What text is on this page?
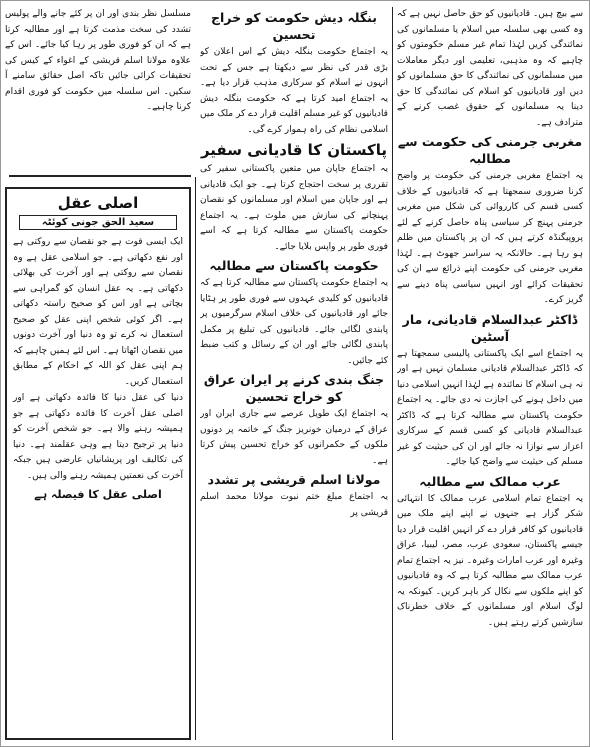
سے بیچ ہیں۔ قادیانیوں کو حق حاصل نہیں ہے کہ وہ کسی بھی سلسلہ میں اسلام یا مسلمانوں کی نمائندگی کریں لہٰذا تمام غیر مسلم حکومتوں کو چاہیے کہ وہ مذہبی، تعلیمی اور دیگر معاملات میں مسلمانوں کی نمائندگی کا حق مسلمانوں کو دیں اور قادیانیوں کو اسلام کی نمائندگی کا حق دینا یہ مسلمانوں کے حقوق غصب کرنے کے مترادف ہے۔

مغربی جرمنی کی حکومت سے مطالبہ

یہ اجتماع مغربی جرمنی کی حکومت پر واضح کرنا ضروری سمجھتا ہے کہ قادیانیوں کے خلاف کسی قسم کی کارروائی کی شکل میں مغربی جرمنی پہنچ کر سیاسی پناہ حاصل کرنے کے لئے پروپیگنڈہ کرتے ہیں کہ ان پر پاکستان میں ظلم ہو رہا ہے۔ حالانکہ یہ سراسر جھوٹ ہے۔ لہٰذا مغربی جرمنی کی حکومت اپنے ذرائع سے ان کی تحقیقات کرائے اور انہیں سیاسی پناہ دینے سے گریز کرے۔

ڈاکٹر عبدالسلام قادیانی، مار آسٹین

یہ اجتماع اسے ایک پاکستانی پالیسی سمجھتا ہے کہ ڈاکٹر عبدالسلام قادیانی مسلمان نہیں ہے اور نہ ہی اسلام کا نمائندہ ہے لہٰذا انہیں اسلامی دنیا میں داخل ہونے کی اجازت نہ دی جائے۔ یہ اجتماع حکومت پاکستان سے مطالبہ کرتا ہے کہ ڈاکٹر عبدالسلام قادیانی کو کسی قسم کے سرکاری اعزاز سے نوازا نہ جائے اور ان کی حیثیت کو غیر مسلم کی حیثیت سے واضح کیا جائے۔

عرب ممالک سے مطالبہ

یہ اجتماع تمام اسلامی عرب ممالک کا انتہائی شکر گزار ہے جنہوں نے اپنے اپنے ملک میں قادیانیوں کو کافر قرار دے کر انہیں اقلیت قرار دیا جیسے پاکستان، سعودی عرب، مصر، لیبیا، عراق وغیرہ اور عرب امارات وغیرہ۔ نیز یہ اجتماع تمام عرب ممالک سے مطالبہ کرتا ہے کہ وہ قادیانیوں کو اپنے ملکوں سے نکال کر باہر کریں۔ کیونکہ یہ لوگ اسلام اور مسلمانوں کے خلاف خطرناک سازشیں کرتے رہتے ہیں۔

بنگلہ دیش حکومت کو خراج تحسین

یہ اجتماع حکومت بنگلہ دیش کے اس اعلان کو بڑی قدر کی نظر سے دیکھتا ہے جس کے تحت انہوں نے اسلام کو سرکاری مذہب قرار دیا ہے۔ یہ اجتماع امید کرتا ہے کہ حکومت بنگلہ دیش قادیانیوں کو غیر مسلم اقلیت قرار دے کر ملک میں اسلامی نظام کی راہ ہموار کرے گی۔

پاکستان کا قادیانی سفیر

یہ اجتماع جاپان میں متعین پاکستانی سفیر کی تقرری پر سخت احتجاج کرتا ہے۔ جو ایک قادیانی ہے اور جاپان میں اسلام اور مسلمانوں کو نقصان پہنچانے کی سازش میں ملوث ہے۔ یہ اجتماع حکومت پاکستان سے مطالبہ کرتا ہے کہ اسے فوری طور پر واپس بلایا جائے۔

حکومت پاکستان سے مطالبہ

یہ اجتماع حکومت پاکستان سے مطالبہ کرتا ہے کہ قادیانیوں کو کلیدی عہدوں سے فوری طور پر ہٹایا جائے اور قادیانیوں کی خلاف اسلام سرگرمیوں پر پابندی لگائی جائے۔ قادیانیوں کی تبلیغ پر مکمل پابندی لگائی جائے اور ان کے رسائل و کتب ضبط کئے جائیں۔

جنگ بندی کرنے پر ایران عراق کو خراج تحسین

یہ اجتماع ایک طویل عرصے سے جاری ایران اور عراق کے درمیان خونریز جنگ کے خاتمہ پر دونوں ملکوں کے حکمرانوں کو خراج تحسین پیش کرتا ہے۔

مولانا اسلم قریشی پر تشدد

یہ اجتماع مبلغ ختم نبوت مولانا محمد اسلم قریشی پر

مسلسل نظر بندی اور ان پر کئے جانے والے پولیس تشدد کی سخت مذمت کرتا ہے اور مطالبہ کرتا ہے کہ ان کو فوری طور پر رہا کیا جائے۔ اس کے علاوہ مولانا اسلم قریشی کے اغواء کے کیس کی تحقیقات کرائی جائیں تاکہ اصل حقائق سامنے آ سکیں۔ اس سلسلہ میں حکومت کو فوری اقدام کرنا چاہیے۔

اصلی عقل
سعید الحق جونی کوئٹہ

ایک ایسی قوت ہے جو نقصان سے روکتی ہے اور نفع دکھاتی ہے۔ جو اسلامی عقل ہے وہ نقصان سے روکتی ہے اور آخرت کی بھلائی دکھاتی ہے۔ یہ عقل انسان کو گمراہی سے بچاتی ہے اور اس کو صحیح راستہ دکھاتی ہے۔ اگر کوئی شخص اپنی عقل کو صحیح استعمال نہ کرے تو وہ دنیا اور آخرت دونوں میں نقصان اٹھاتا ہے۔ اس لئے ہمیں چاہیے کہ ہم اپنی عقل کو اللہ کے احکام کے مطابق استعمال کریں۔

دنیا کی عقل دنیا کا فائدہ دکھاتی ہے اور اصلی عقل آخرت کا فائدہ دکھاتی ہے جو ہمیشہ رہنے والا ہے۔ جو شخص آخرت کو دنیا پر ترجیح دیتا ہے وہی عقلمند ہے۔ دنیا کی تکالیف اور پریشانیاں عارضی ہیں جبکہ آخرت کی نعمتیں ہمیشہ رہنے والی ہیں۔

اصلی عقل کا فیصلہ ہے
